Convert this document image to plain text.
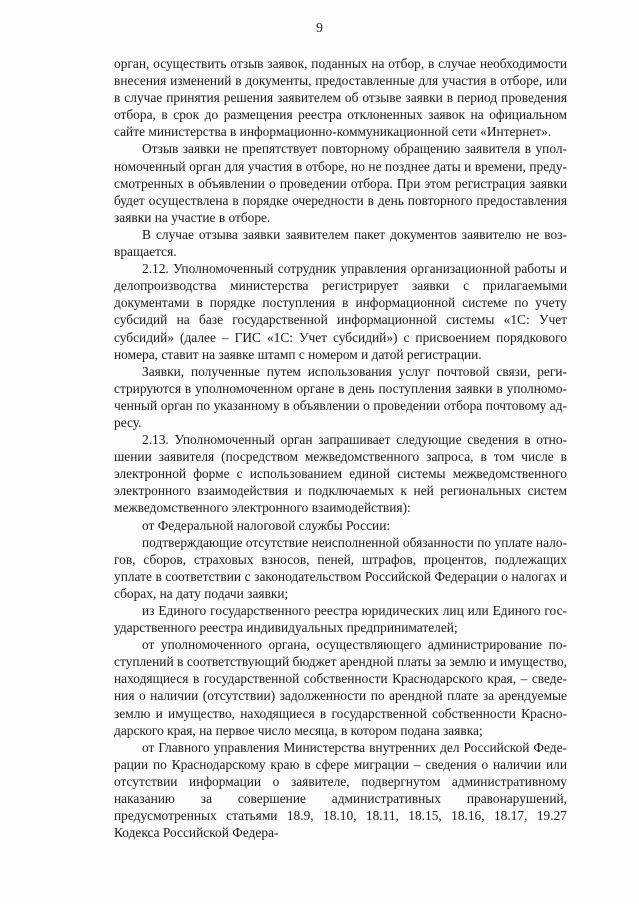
9

орган, осуществить отзыв заявок, поданных на отбор, в случае необходимости внесения изменений в документы, предоставленные для участия в отборе, или в случае принятия решения заявителем об отзыве заявки в период проведения отбора, в срок до размещения реестра отклоненных заявок на официальном сайте министерства в информационно-коммуникационной сети «Интернет».

Отзыв заявки не препятствует повторному обращению заявителя в уполномоченный орган для участия в отборе, но не позднее даты и времени, предусмотренных в объявлении о проведении отбора. При этом регистрация заявки будет осуществлена в порядке очередности в день повторного предоставления заявки на участие в отборе.

В случае отзыва заявки заявителем пакет документов заявителю не возвращается.

2.12. Уполномоченный сотрудник управления организационной работы и делопроизводства министерства регистрирует заявки с прилагаемыми документами в порядке поступления в информационной системе по учету субсидий на базе государственной информационной системы «1С: Учет субсидий» (далее – ГИС «1С: Учет субсидий») с присвоением порядкового номера, ставит на заявке штамп с номером и датой регистрации.

Заявки, полученные путем использования услуг почтовой связи, регистрируются в уполномоченном органе в день поступления заявки в уполномоченный орган по указанному в объявлении о проведении отбора почтовому адресу.

2.13. Уполномоченный орган запрашивает следующие сведения в отношении заявителя (посредством межведомственного запроса, в том числе в электронной форме с использованием единой системы межведомственного электронного взаимодействия и подключаемых к ней региональных систем межведомственного электронного взаимодействия):

от Федеральной налоговой службы России:

подтверждающие отсутствие неисполненной обязанности по уплате налогов, сборов, страховых взносов, пеней, штрафов, процентов, подлежащих уплате в соответствии с законодательством Российской Федерации о налогах и сборах, на дату подачи заявки;

из Единого государственного реестра юридических лиц или Единого государственного реестра индивидуальных предпринимателей;

от уполномоченного органа, осуществляющего администрирование поступлений в соответствующий бюджет арендной платы за землю и имущество, находящиеся в государственной собственности Краснодарского края, – сведения о наличии (отсутствии) задолженности по арендной плате за арендуемые землю и имущество, находящиеся в государственной собственности Краснодарского края, на первое число месяца, в котором подана заявка;

от Главного управления Министерства внутренних дел Российской Федерации по Краснодарскому краю в сфере миграции – сведения о наличии или отсутствии информации о заявителе, подвергнутом административному наказанию за совершение административных правонарушений, предусмотренных статьями 18.9, 18.10, 18.11, 18.15, 18.16, 18.17, 19.27 Кодекса Российской Федера-
